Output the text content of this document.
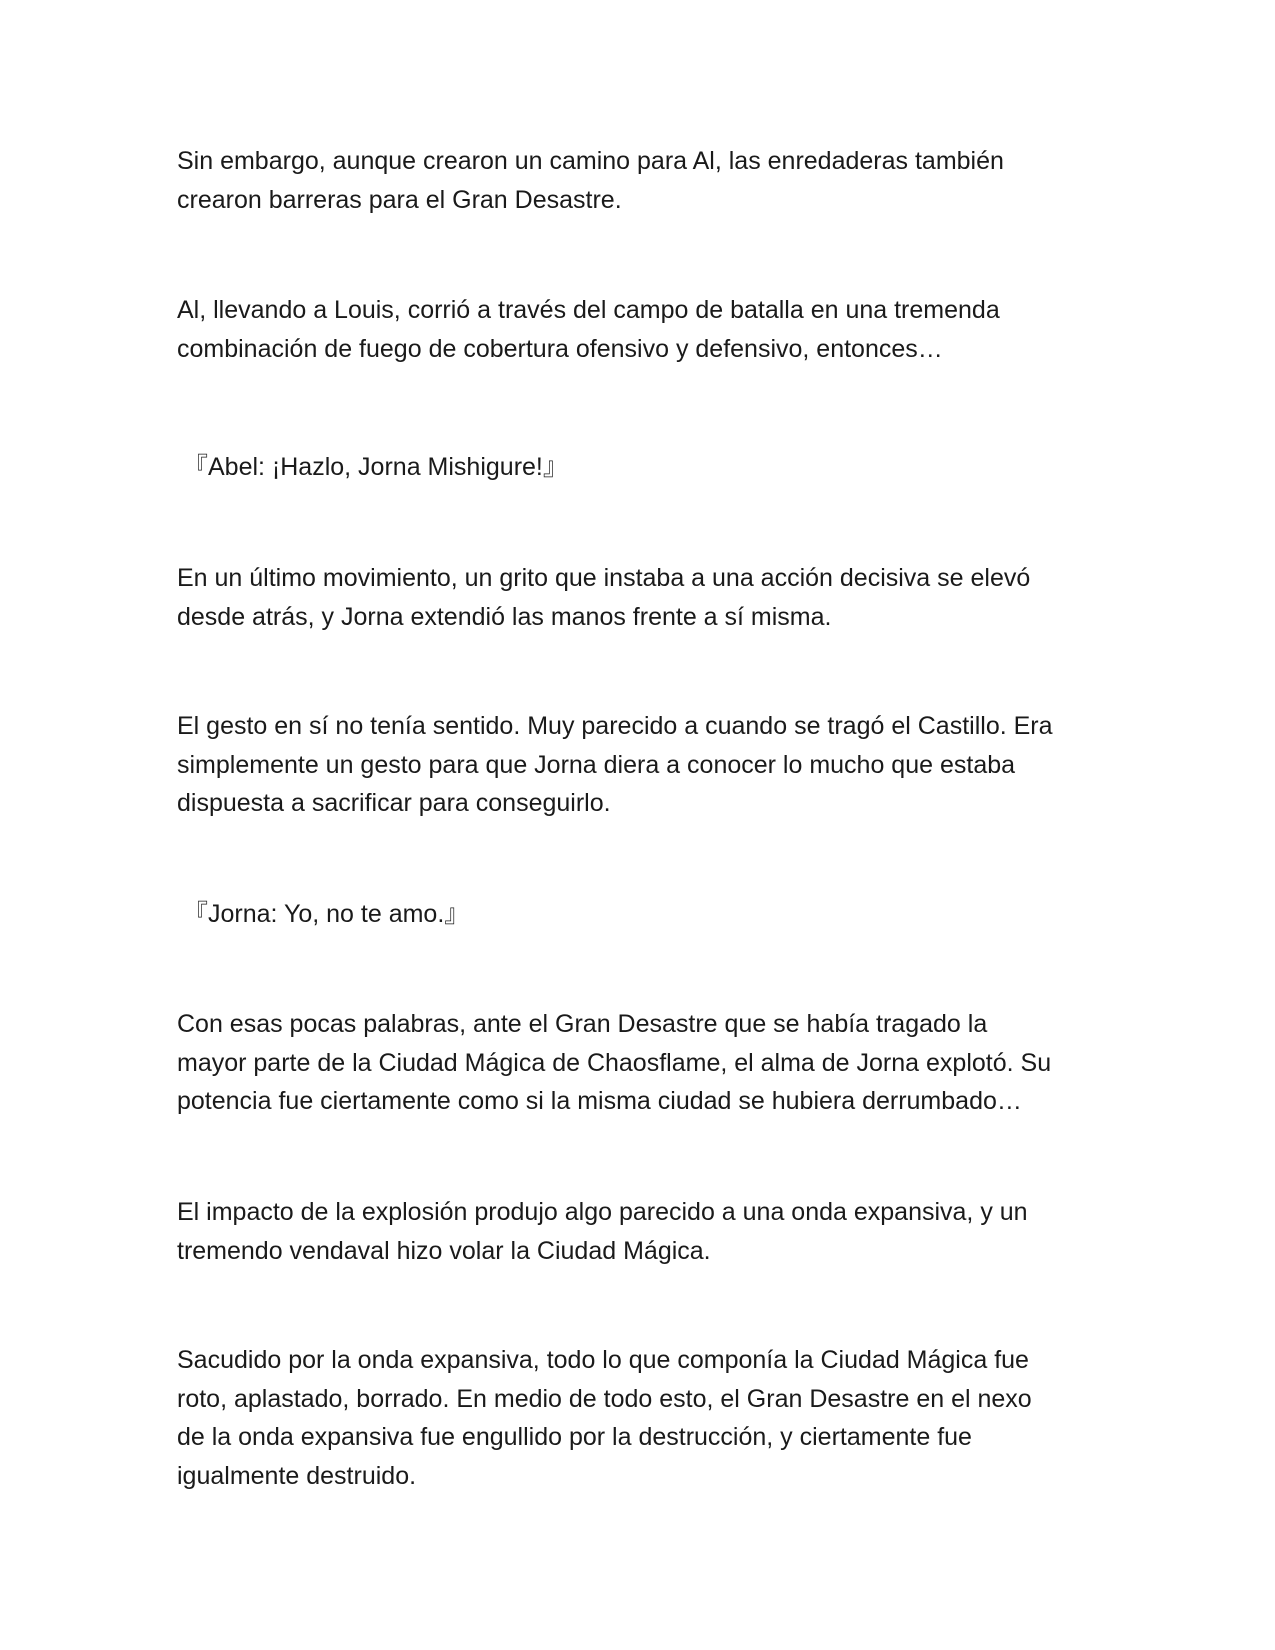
Sin embargo, aunque crearon un camino para Al, las enredaderas también
crearon barreras para el Gran Desastre.

Al, llevando a Louis, corrió a través del campo de batalla en una tremenda
combinación de fuego de cobertura ofensivo y defensivo, entonces…

『Abel: ¡Hazlo, Jorna Mishigure!』

En un último movimiento, un grito que instaba a una acción decisiva se elevó
desde atrás, y Jorna extendió las manos frente a sí misma.

El gesto en sí no tenía sentido. Muy parecido a cuando se tragó el Castillo. Era
simplemente un gesto para que Jorna diera a conocer lo mucho que estaba
dispuesta a sacrificar para conseguirlo.

『Jorna: Yo, no te amo.』

Con esas pocas palabras, ante el Gran Desastre que se había tragado la
mayor parte de la Ciudad Mágica de Chaosflame, el alma de Jorna explotó. Su
potencia fue ciertamente como si la misma ciudad se hubiera derrumbado…

El impacto de la explosión produjo algo parecido a una onda expansiva, y un
tremendo vendaval hizo volar la Ciudad Mágica.

Sacudido por la onda expansiva, todo lo que componía la Ciudad Mágica fue
roto, aplastado, borrado. En medio de todo esto, el Gran Desastre en el nexo
de la onda expansiva fue engullido por la destrucción, y ciertamente fue
igualmente destruido.
